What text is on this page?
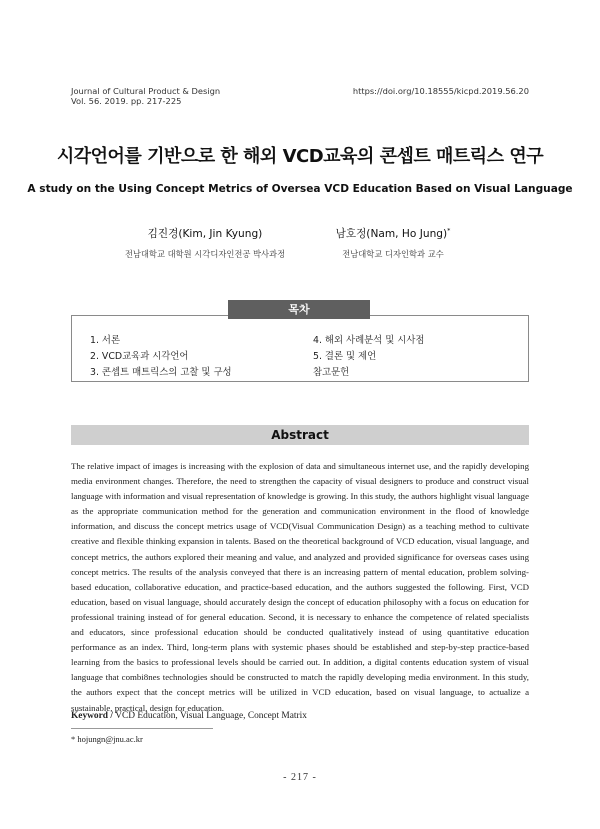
Journal of Cultural Product & Design
Vol. 56. 2019. pp. 217-225
https://doi.org/10.18555/kicpd.2019.56.20
시각언어를 기반으로 한 해외 VCD교육의 콘셉트 매트릭스 연구
A study on the Using Concept Metrics of Oversea VCD Education Based on Visual Language
김진경(Kim, Jin Kyung)
전남대학교 대학원 시각디자인전공 박사과정
남호정(Nam, Ho Jung)*
전남대학교 디자인학과 교수
목차
1. 서론
2. VCD교육과 시각언어
3. 콘셉트 매트릭스의 고찰 및 구성
4. 해외 사례분석 및 시사점
5. 결론 및 제언
참고문헌
Abstract

The relative impact of images is increasing with the explosion of data and simultaneous internet use, and the rapidly developing media environment changes. Therefore, the need to strengthen the capacity of visual designers to produce and construct visual language with information and visual representation of knowledge is growing. In this study, the authors highlight visual language as the appropriate communication method for the generation and communication environment in the flood of knowledge information, and discuss the concept metrics usage of VCD(Visual Communication Design) as a teaching method to cultivate creative and flexible thinking expansion in talents. Based on the theoretical background of VCD education, visual language, and concept metrics, the authors explored their meaning and value, and analyzed and provided significance for overseas cases using concept metrics. The results of the analysis conveyed that there is an increasing pattern of mental education, problem solving-based education, collaborative education, and practice-based education, and the authors suggested the following. First, VCD education, based on visual language, should accurately design the concept of education philosophy with a focus on education for professional training instead of for general education. Second, it is necessary to enhance the competence of related specialists and educators, since professional education should be conducted qualitatively instead of using quantitative education performance as an index. Third, long-term plans with systemic phases should be established and step-by-step practice-based learning from the basics to professional levels should be carried out. In addition, a digital contents education system of visual language that combi8nes technologies should be constructed to match the rapidly developing media environment. In this study, the authors expect that the concept metrics will be utilized in VCD education, based on visual language, to actualize a sustainable, practical, design for education.

Keyword / VCD Education, Visual Language, Concept Matrix
* hojungn@jnu.ac.kr
- 217 -
